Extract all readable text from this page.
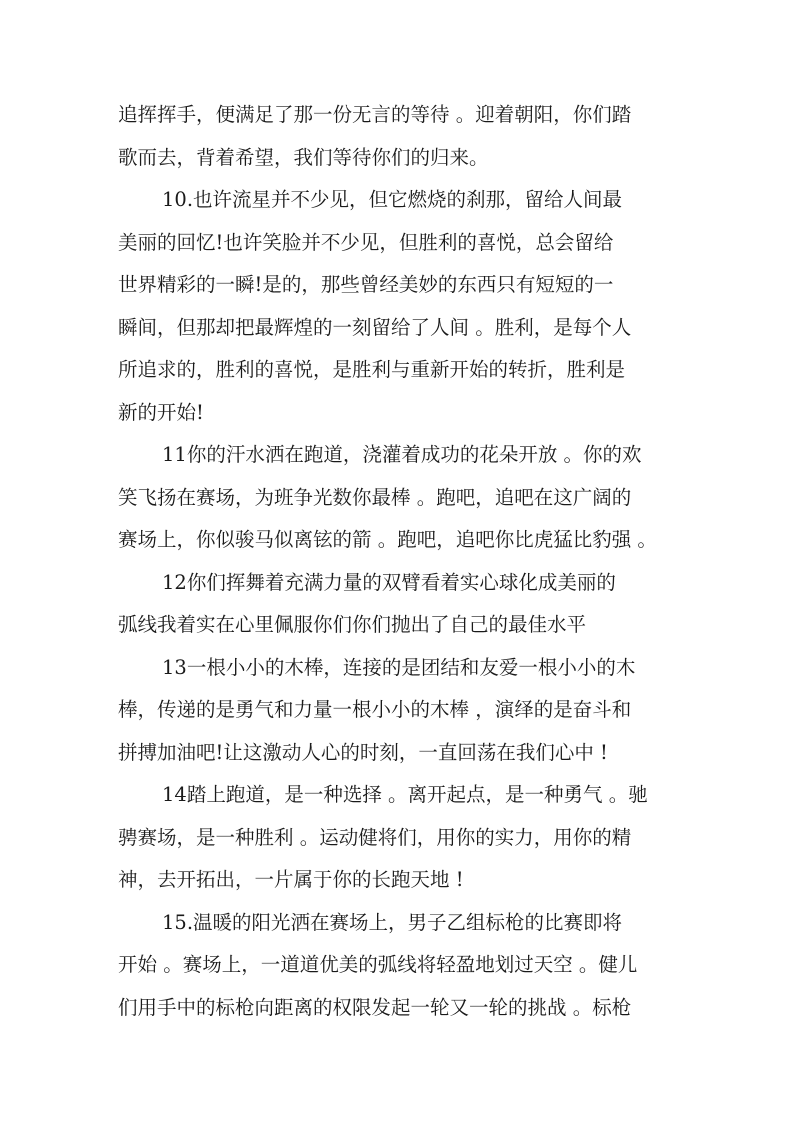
追挥挥手，便满足了那一份无言的等待 。迎着朝阳，你们踏
歌而去，背着希望，我们等待你们的归来。
10.也许流星并不少见，但它燃烧的刹那，留给人间最
美丽的回忆!也许笑脸并不少见，但胜利的喜悦，总会留给
世界精彩的一瞬!是的，那些曾经美妙的东西只有短短的一
瞬间，但那却把最辉煌的一刻留给了人间 。胜利，是每个人
所追求的，胜利的喜悦，是胜利与重新开始的转折，胜利是
新的开始!
11你的汗水洒在跑道，浇灌着成功的花朵开放 。你的欢
笑飞扬在赛场，为班争光数你最棒 。跑吧，追吧在这广阔的
赛场上，你似骏马似离铉的箭 。跑吧，追吧你比虎猛比豹强 。
12你们挥舞着充满力量的双臂看着实心球化成美丽的
弧线我着实在心里佩服你们你们抛出了自己的最佳水平
13一根小小的木棒，连接的是团结和友爱一根小小的木
棒，传递的是勇气和力量一根小小的木棒 ，演绎的是奋斗和
拼搏加油吧!让这激动人心的时刻，一直回荡在我们心中 !
14踏上跑道，是一种选择 。离开起点，是一种勇气 。驰
骋赛场，是一种胜利 。运动健将们，用你的实力，用你的精
神，去开拓出，一片属于你的长跑天地 !
15.温暖的阳光洒在赛场上，男子乙组标枪的比赛即将
开始 。赛场上，一道道优美的弧线将轻盈地划过天空 。健儿
们用手中的标枪向距离的权限发起一轮又一轮的挑战 。标枪
